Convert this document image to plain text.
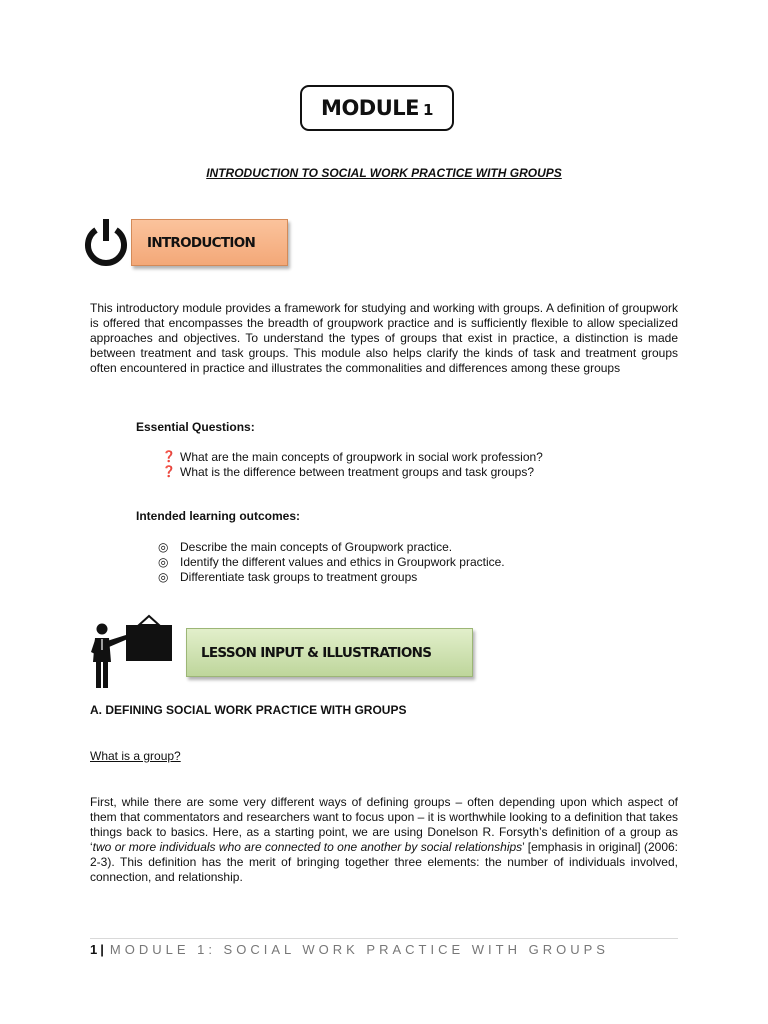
MODULE 1
INTRODUCTION TO SOCIAL WORK PRACTICE WITH GROUPS
INTRODUCTION
This introductory module provides a framework for studying and working with groups. A definition of groupwork is offered that encompasses the breadth of groupwork practice and is sufficiently flexible to allow specialized approaches and objectives. To understand the types of groups that exist in practice, a distinction is made between treatment and task groups. This module also helps clarify the kinds of task and treatment groups often encountered in practice and illustrates the commonalities and differences among these groups
Essential Questions:
❓ What are the main concepts of groupwork in social work profession?
❓ What is the difference between treatment groups and task groups?
Intended learning outcomes:
◎ Describe the main concepts of Groupwork practice.
◎ Identify the different values and ethics in Groupwork practice.
◎ Differentiate task groups to treatment groups
LESSON INPUT & ILLUSTRATIONS
A. DEFINING SOCIAL WORK PRACTICE WITH GROUPS
What is a group?
First, while there are some very different ways of defining groups – often depending upon which aspect of them that commentators and researchers want to focus upon – it is worthwhile looking to a definition that takes things back to basics. Here, as a starting point, we are using Donelson R. Forsyth’s definition of a group as ‘two or more individuals who are connected to one another by social relationships’ [emphasis in original] (2006: 2-3). This definition has the merit of bringing together three elements: the number of individuals involved, connection, and relationship.
1 | MODULE 1: SOCIAL WORK PRACTICE WITH GROUPS
